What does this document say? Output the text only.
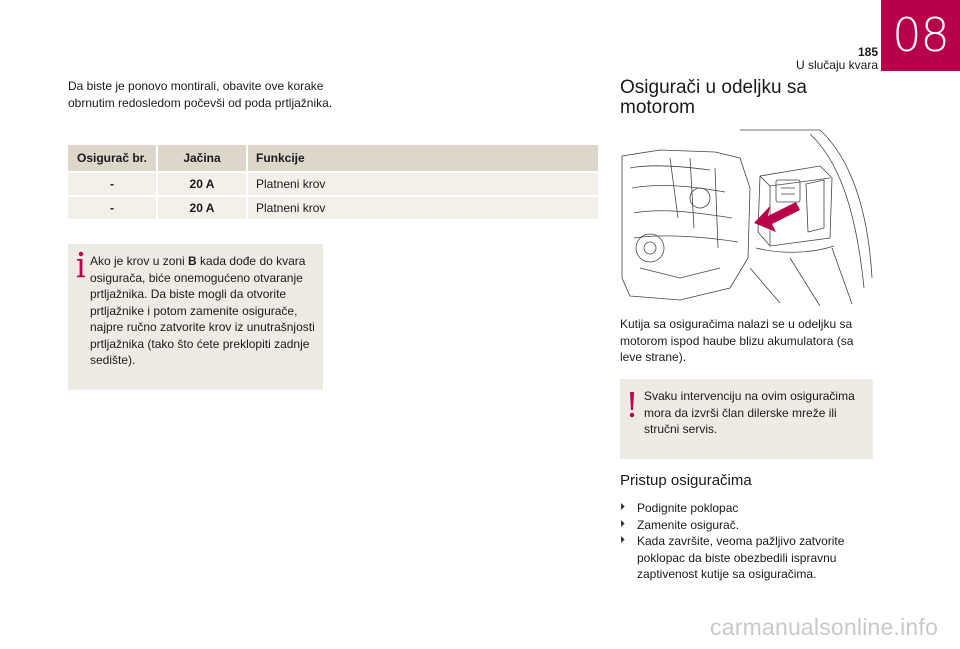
08
185
U slučaju kvara
Da biste je ponovo montirali, obavite ove korake obrnutim redosledom počevši od poda prtljažnika.
Osigurač br.	Jačina	Funkcije
-	20 A	Platneni krov
-	20 A	Platneni krov
Ako je krov u zoni B kada dođe do kvara osigurača, biće onemogućeno otvaranje prtljažnika. Da biste mogli da otvorite prtljažnike i potom zamenite osigurače, najpre ručno zatvorite krov iz unutrašnjosti prtljažnika (tako što ćete preklopiti zadnje sedište).
Osigurači u odeljku sa motorom
Kutija sa osiguračima nalazi se u odeljku sa motorom ispod haube blizu akumulatora (sa leve strane).
Svaku intervenciju na ovim osiguračima mora da izvrši član dilerske mreže ili stručni servis.
Pristup osiguračima
⏵ Podignite poklopac
⏵ Zamenite osigurač.
⏵ Kada završite, veoma pažljivo zatvorite poklopac da biste obezbedili ispravnu zaptivenost kutije sa osiguračima.
carmanualsonline.info
